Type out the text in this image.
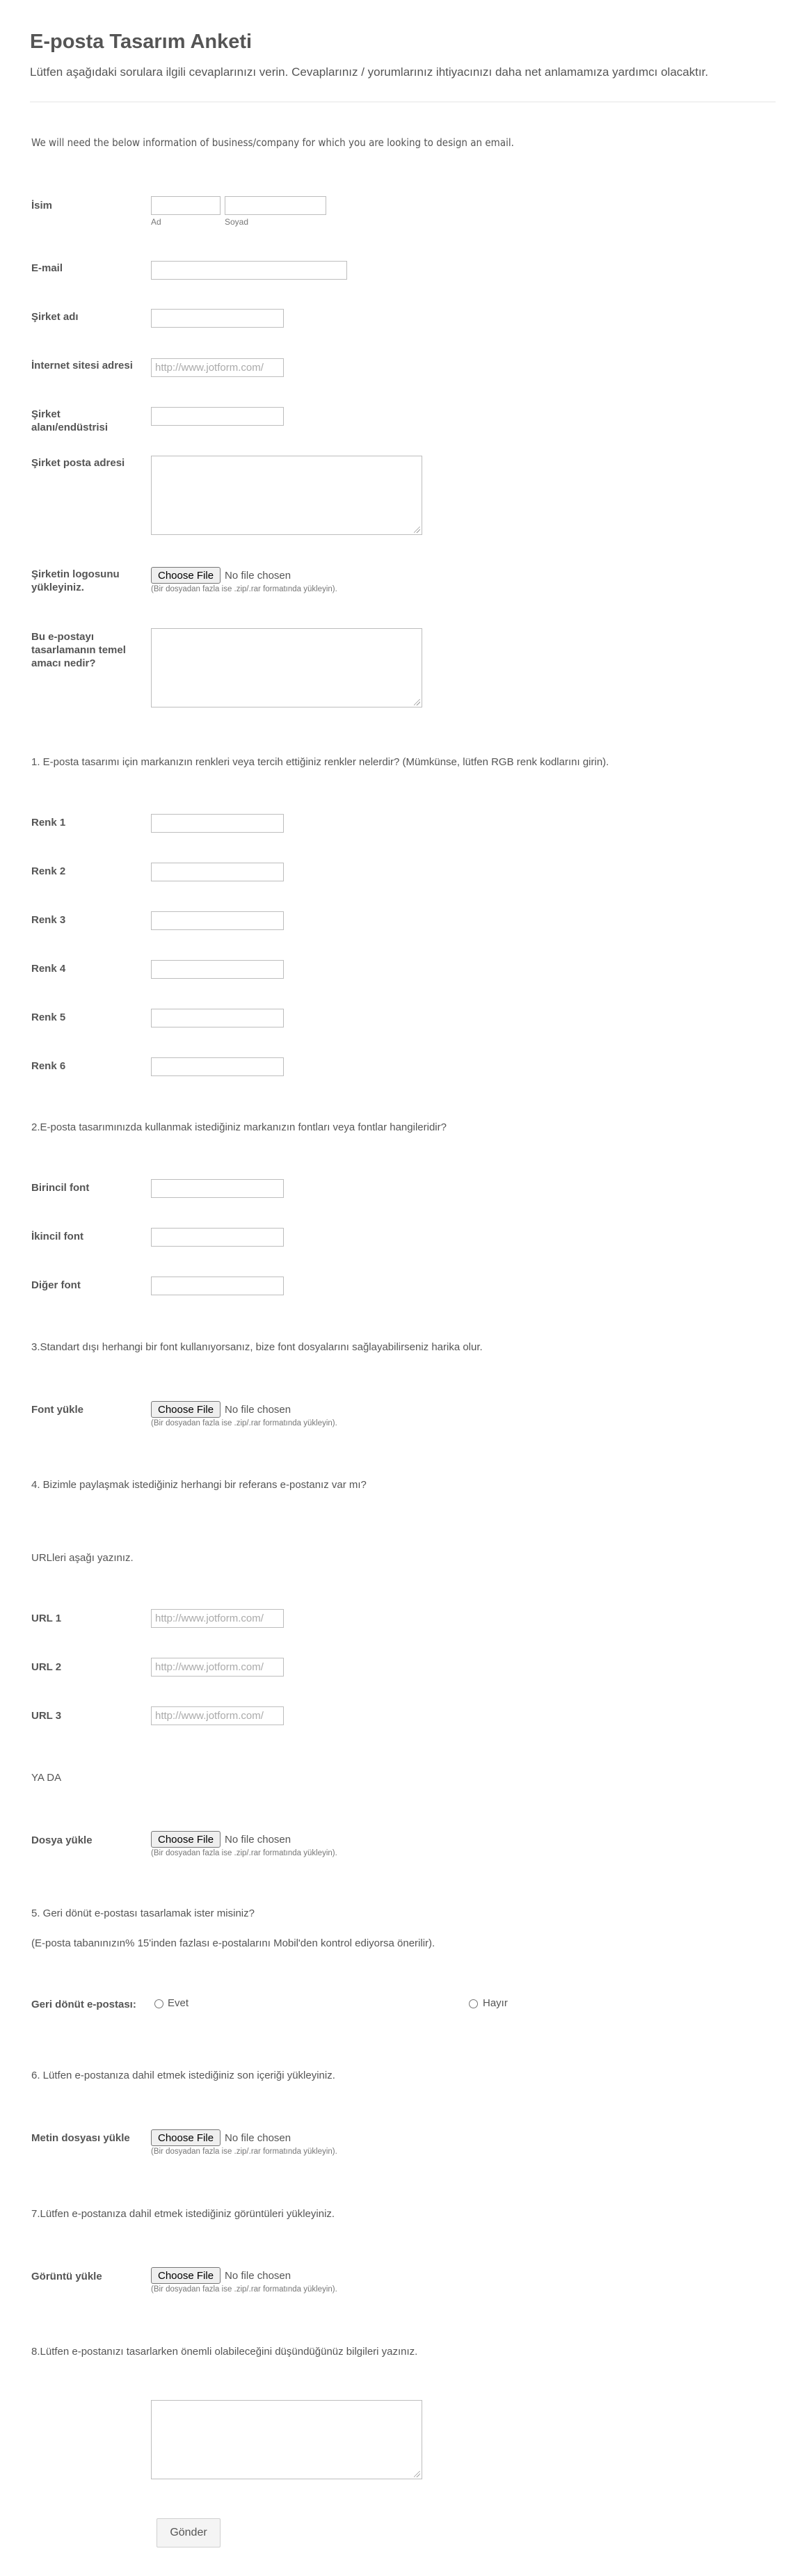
E-posta Tasarım Anketi
Lütfen aşağıdaki sorulara ilgili cevaplarınızı verin. Cevaplarınız / yorumlarınız ihtiyacınızı daha net anlamamıza yardımcı olacaktır.
We will need the below information of business/company for which you are looking to design an email.
İsim
Ad	Soyad
E-mail
Şirket adı
İnternet sitesi adresi	http://www.jotform.com/
Şirket
alanı/endüstrisi
Şirket posta adresi
Şirketin logosunu
yükleyiniz.
Choose File	No file chosen
(Bir dosyadan fazla ise .zip/.rar formatında yükleyin).
Bu e-postayı
tasarlamanın temel
amacı nedir?
1. E-posta tasarımı için markanızın renkleri veya tercih ettiğiniz renkler nelerdir? (Mümkünse, lütfen RGB renk kodlarını girin).
Renk 1
Renk 2
Renk 3
Renk 4
Renk 5
Renk 6
2.E-posta tasarımınızda kullanmak istediğiniz markanızın fontları veya fontlar hangileridir?
Birincil font
İkincil font
Diğer font
3.Standart dışı herhangi bir font kullanıyorsanız, bize font dosyalarını sağlayabilirseniz harika olur.
Font yükle	Choose File	No file chosen
(Bir dosyadan fazla ise .zip/.rar formatında yükleyin).
4. Bizimle paylaşmak istediğiniz herhangi bir referans e-postanız var mı?
URLleri aşağı yazınız.
URL 1	http://www.jotform.com/
URL 2	http://www.jotform.com/
URL 3	http://www.jotform.com/
YA DA
Dosya yükle	Choose File	No file chosen
(Bir dosyadan fazla ise .zip/.rar formatında yükleyin).
5. Geri dönüt e-postası tasarlamak ister misiniz?
(E-posta tabanınızın% 15'inden fazlası e-postalarını Mobil'den kontrol ediyorsa önerilir).
Geri dönüt e-postası:	Evet	Hayır
6. Lütfen e-postanıza dahil etmek istediğiniz son içeriği yükleyiniz.
Metin dosyası yükle	Choose File	No file chosen
(Bir dosyadan fazla ise .zip/.rar formatında yükleyin).
7.Lütfen e-postanıza dahil etmek istediğiniz görüntüleri yükleyiniz.
Görüntü yükle	Choose File	No file chosen
(Bir dosyadan fazla ise .zip/.rar formatında yükleyin).
8.Lütfen e-postanızı tasarlarken önemli olabileceğini düşündüğünüz bilgileri yazınız.
Gönder
